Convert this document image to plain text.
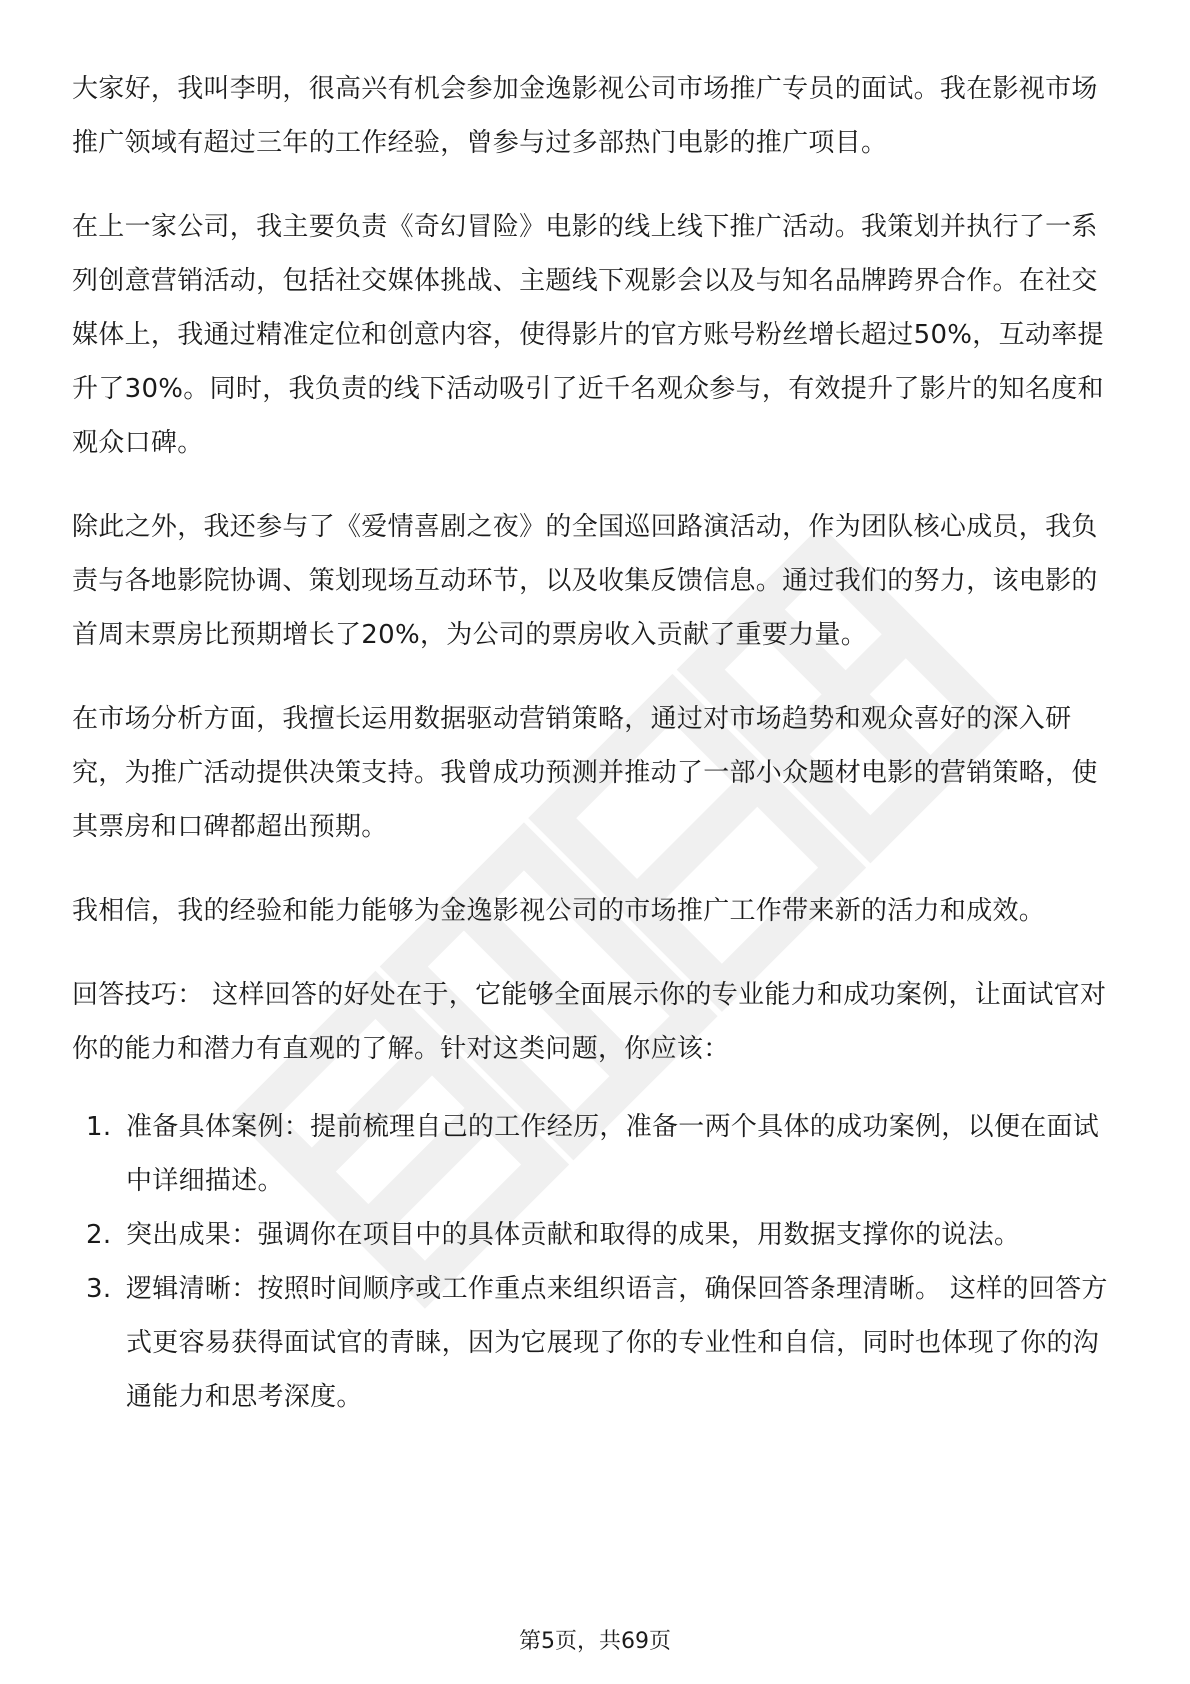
大家好，我叫李明，很高兴有机会参加金逸影视公司市场推广专员的面试。我在影视市场推广领域有超过三年的工作经验，曾参与过多部热门电影的推广项目。

在上一家公司，我主要负责《奇幻冒险》电影的线上线下推广活动。我策划并执行了一系列创意营销活动，包括社交媒体挑战、主题线下观影会以及与知名品牌跨界合作。在社交媒体上，我通过精准定位和创意内容，使得影片的官方账号粉丝增长超过50%，互动率提升了30%。同时，我负责的线下活动吸引了近千名观众参与，有效提升了影片的知名度和观众口碑。

除此之外，我还参与了《爱情喜剧之夜》的全国巡回路演活动，作为团队核心成员，我负责与各地影院协调、策划现场互动环节，以及收集反馈信息。通过我们的努力，该电影的首周末票房比预期增长了20%，为公司的票房收入贡献了重要力量。

在市场分析方面，我擅长运用数据驱动营销策略，通过对市场趋势和观众喜好的深入研究，为推广活动提供决策支持。我曾成功预测并推动了一部小众题材电影的营销策略，使其票房和口碑都超出预期。

我相信，我的经验和能力能够为金逸影视公司的市场推广工作带来新的活力和成效。

回答技巧： 这样回答的好处在于，它能够全面展示你的专业能力和成功案例，让面试官对你的能力和潜力有直观的了解。针对这类问题，你应该：

1. 准备具体案例：提前梳理自己的工作经历，准备一两个具体的成功案例，以便在面试中详细描述。
2. 突出成果：强调你在项目中的具体贡献和取得的成果，用数据支撑你的说法。
3. 逻辑清晰：按照时间顺序或工作重点来组织语言，确保回答条理清晰。 这样的回答方式更容易获得面试官的青睐，因为它展现了你的专业性和自信，同时也体现了你的沟通能力和思考深度。
第5页，共69页
